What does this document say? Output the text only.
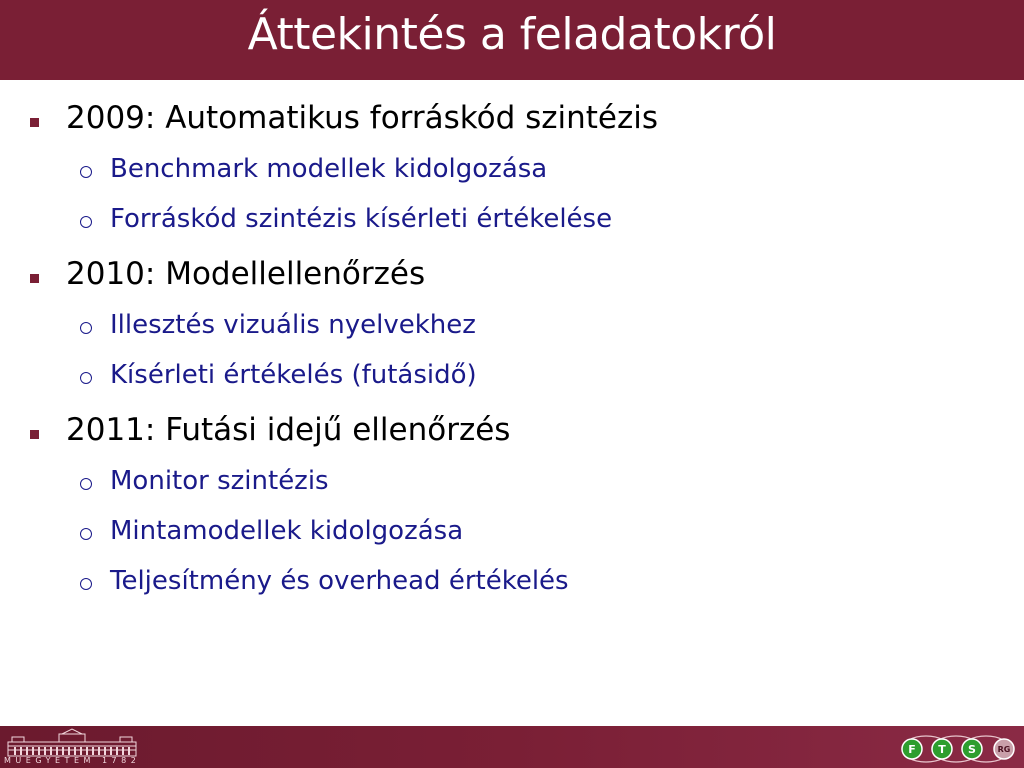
Áttekintés a feladatokról
2009: Automatikus forráskód szintézis
Benchmark modellek kidolgozása
Forráskód szintézis kísérleti értékelése
2010: Modellellenőrzés
Illesztés vizuális nyelvekhez
Kísérleti értékelés (futásidő)
2011: Futási idejű ellenőrzés
Monitor szintézis
Mintamodellek kidolgozása
Teljesítmény és overhead értékelés
MŰEGYETEM 1782
F T S	RG
